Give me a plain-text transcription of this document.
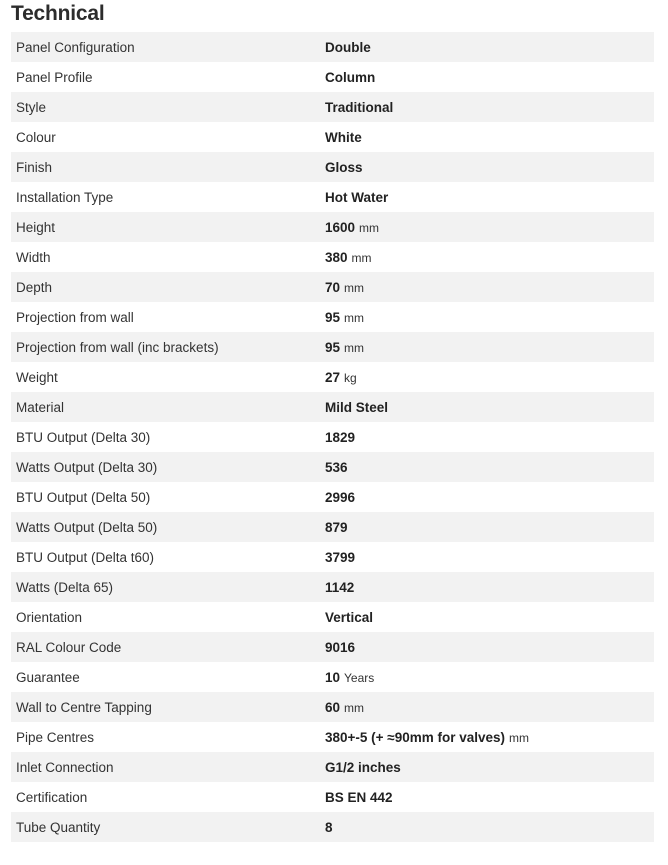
Technical
Panel Configuration	Double
Panel Profile	Column
Style	Traditional
Colour	White
Finish	Gloss
Installation Type	Hot Water
Height	1600 mm
Width	380 mm
Depth	70 mm
Projection from wall	95 mm
Projection from wall (inc brackets)	95 mm
Weight	27 kg
Material	Mild Steel
BTU Output (Delta 30)	1829
Watts Output (Delta 30)	536
BTU Output (Delta 50)	2996
Watts Output (Delta 50)	879
BTU Output (Delta t60)	3799
Watts (Delta 65)	1142
Orientation	Vertical
RAL Colour Code	9016
Guarantee	10 Years
Wall to Centre Tapping	60 mm
Pipe Centres	380+-5 (+ ≈90mm for valves) mm
Inlet Connection	G1/2 inches
Certification	BS EN 442
Tube Quantity	8
